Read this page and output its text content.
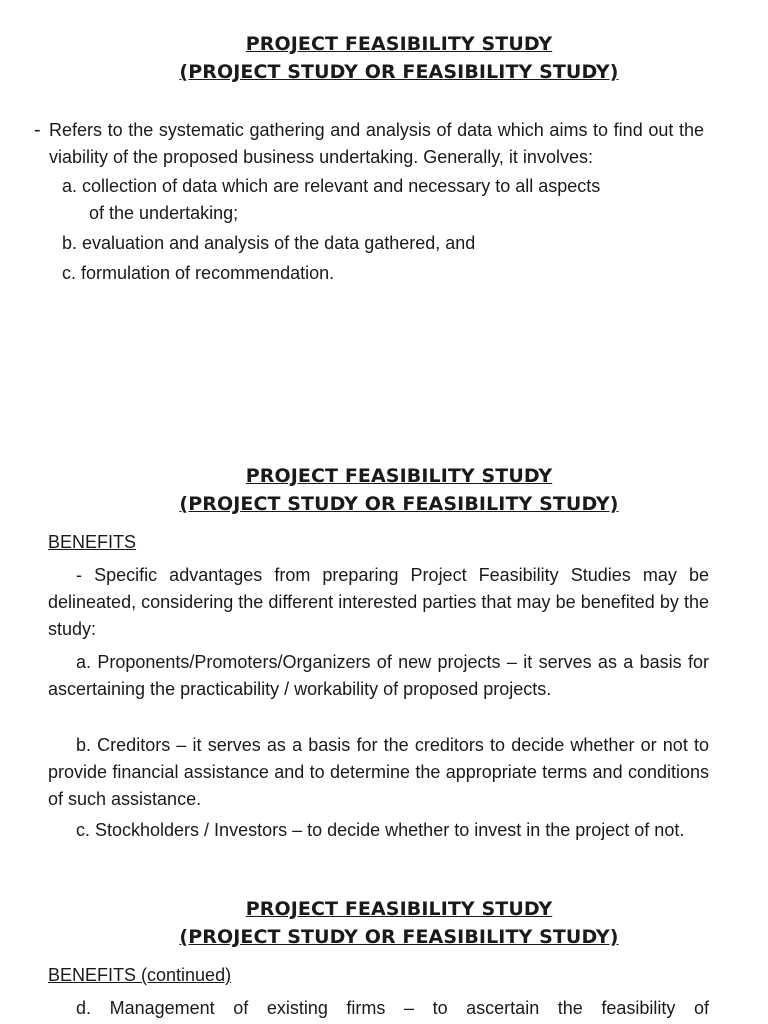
PROJECT FEASIBILITY STUDY
(PROJECT STUDY OR FEASIBILITY STUDY)
- Refers to the systematic gathering and analysis of data which aims to find out the viability of the proposed business undertaking. Generally, it involves:
a. collection of data which are relevant and necessary to all aspects
of the undertaking;
b. evaluation and analysis of the data gathered, and
c. formulation of recommendation.
PROJECT FEASIBILITY STUDY
(PROJECT STUDY OR FEASIBILITY STUDY)
BENEFITS
- Specific advantages from preparing Project Feasibility Studies may be delineated, considering the different interested parties that may be benefited by the study:
a. Proponents/Promoters/Organizers of new projects – it serves as a basis for ascertaining the practicability / workability of proposed projects.
b. Creditors – it serves as a basis for the creditors to decide whether or not to provide financial assistance and to determine the appropriate terms and conditions of such assistance.
c. Stockholders / Investors – to decide whether to invest in the project of not.
PROJECT FEASIBILITY STUDY
(PROJECT STUDY OR FEASIBILITY STUDY)
BENEFITS (continued)
d. Management of existing firms – to ascertain the feasibility of
